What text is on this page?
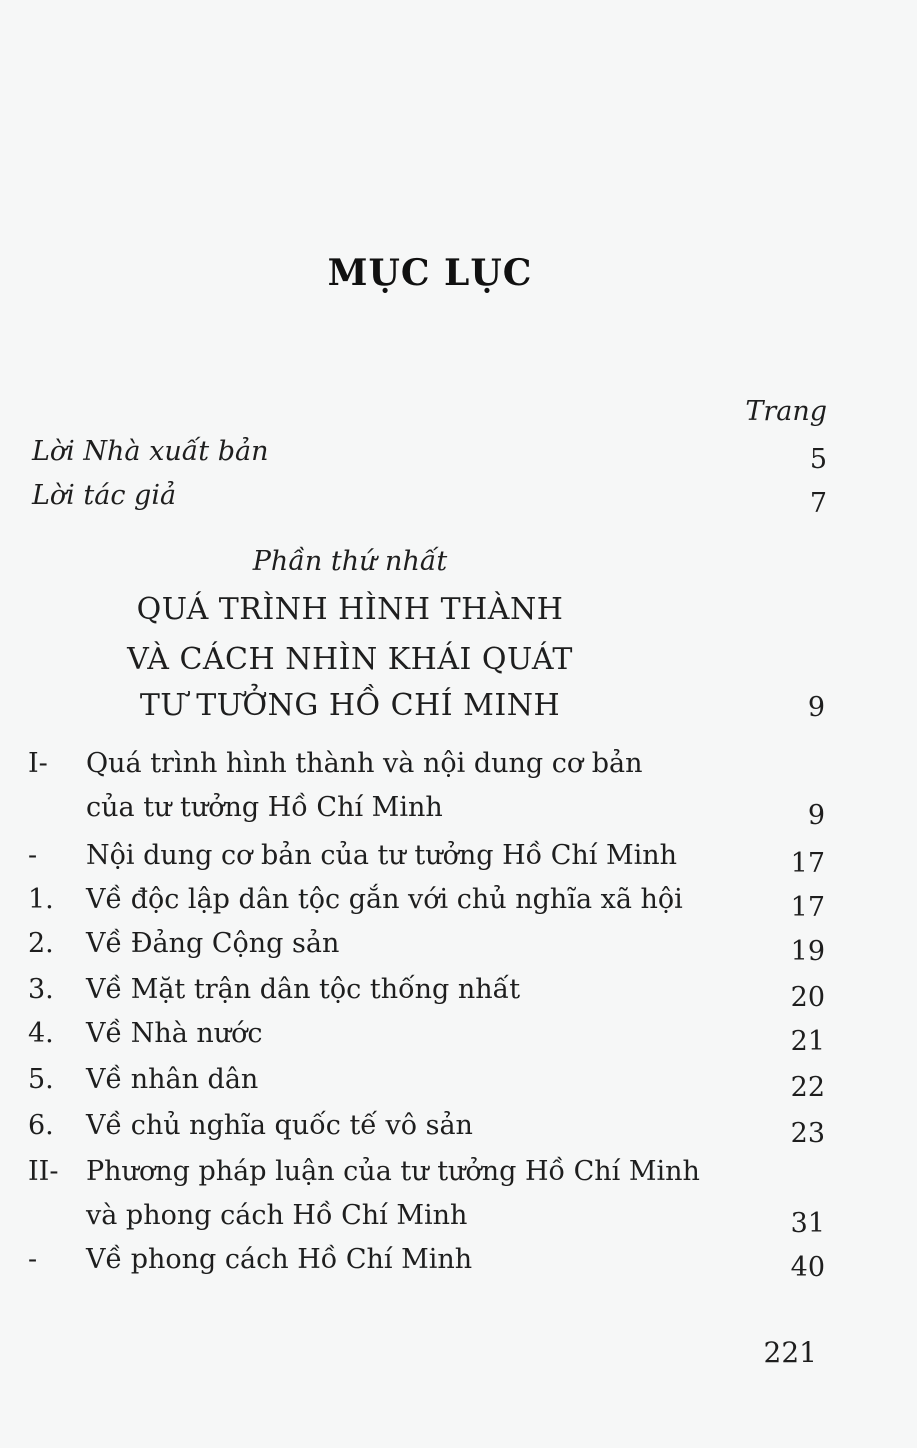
MỤC LỤC
Trang
Lời Nhà xuất bản	5
Lời tác giả	7
Phần thứ nhất
QUÁ TRÌNH HÌNH THÀNH
VÀ CÁCH NHÌN KHÁI QUÁT
TƯ TƯỞNG HỒ CHÍ MINH	9
I- Quá trình hình thành và nội dung cơ bản
của tư tưởng Hồ Chí Minh	9
- Nội dung cơ bản của tư tưởng Hồ Chí Minh	17
1. Về độc lập dân tộc gắn với chủ nghĩa xã hội	17
2. Về Đảng Cộng sản	19
3. Về Mặt trận dân tộc thống nhất	20
4. Về Nhà nước	21
5. Về nhân dân	22
6. Về chủ nghĩa quốc tế vô sản	23
II- Phương pháp luận của tư tưởng Hồ Chí Minh
và phong cách Hồ Chí Minh	31
- Về phong cách Hồ Chí Minh	40
221
